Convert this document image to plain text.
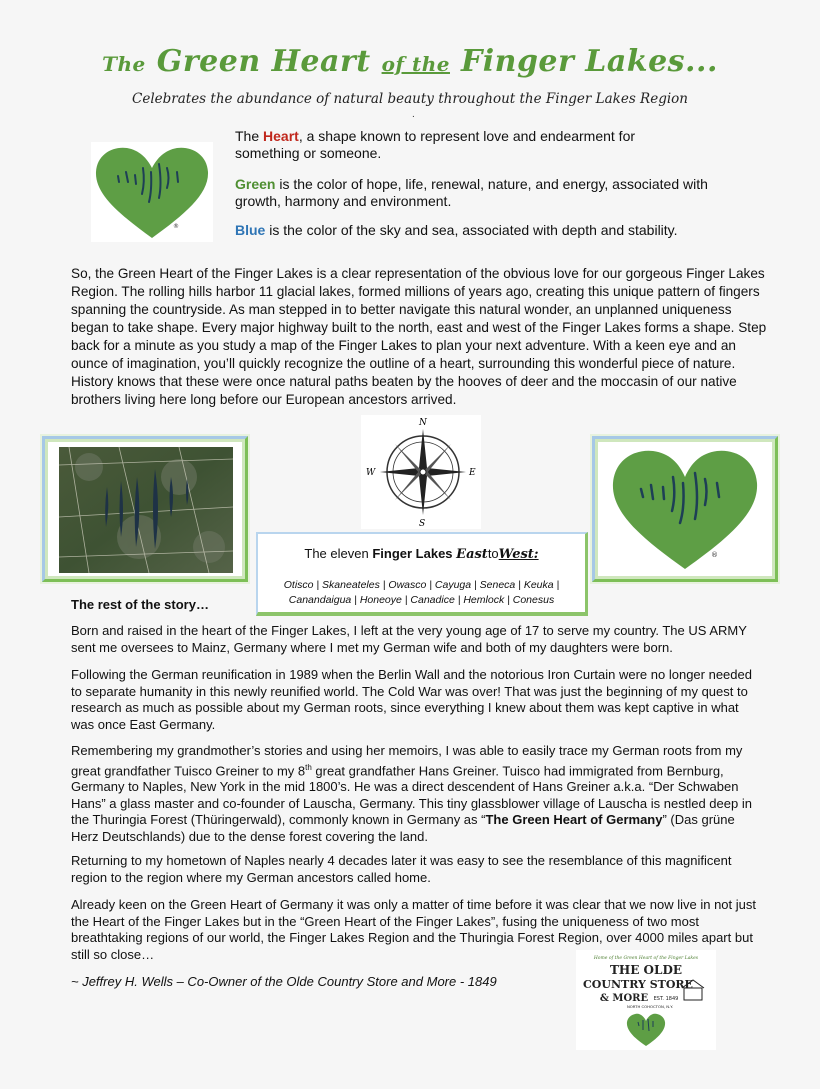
The Green Heart of the Finger Lakes...
Celebrates the abundance of natural beauty throughout the Finger Lakes Region
.
®
The Heart, a shape known to represent love and endearment for something or someone.
Green is the color of hope, life, renewal, nature, and energy, associated with growth, harmony and environment.
Blue is the color of the sky and sea, associated with depth and stability.
So, the Green Heart of the Finger Lakes is a clear representation of the obvious love for our gorgeous Finger Lakes Region. The rolling hills harbor 11 glacial lakes, formed millions of years ago, creating this unique pattern of fingers spanning the countryside. As man stepped in to better navigate this natural wonder, an unplanned uniqueness began to take shape. Every major highway built to the north, east and west of the Finger Lakes forms a shape. Step back for a minute as you study a map of the Finger Lakes to plan your next adventure. With a keen eye and an ounce of imagination, you’ll quickly recognize the outline of a heart, surrounding this wonderful piece of nature. History knows that these were once natural paths beaten by the hooves of deer and the moccasin of our native brothers living here long before our European ancestors arrived.
N
S
W	E
®
The eleven Finger Lakes EasttoWest:
Otisco | Skaneateles | Owasco | Cayuga | Seneca | Keuka |
Canandaigua | Honeoye | Canadice | Hemlock | Conesus
The rest of the story…
Born and raised in the heart of the Finger Lakes, I left at the very young age of 17 to serve my country. The US ARMY sent me oversees to Mainz, Germany where I met my German wife and both of my daughters were born.
Following the German reunification in 1989 when the Berlin Wall and the notorious Iron Curtain were no longer needed to separate humanity in this newly reunified world. The Cold War was over! That was just the beginning of my quest to research as much as possible about my German roots, since everything I knew about them was kept captive in what was once East Germany.
Remembering my grandmother’s stories and using her memoirs, I was able to easily trace my German roots from my great grandfather Tuisco Greiner to my 8th great grandfather Hans Greiner. Tuisco had immigrated from Bernburg, Germany to Naples, New York in the mid 1800’s. He was a direct descendent of Hans Greiner a.k.a. “Der Schwaben Hans” a glass master and co-founder of Lauscha, Germany. This tiny glassblower village of Lauscha is nestled deep in the Thuringia Forest (Thüringerwald), commonly known in Germany as “The Green Heart of Germany” (Das grüne Herz Deutschlands) due to the dense forest covering the land.
Returning to my hometown of Naples nearly 4 decades later it was easy to see the resemblance of this magnificent region to the region where my German ancestors called home.
Already keen on the Green Heart of Germany it was only a matter of time before it was clear that we now live in not just the Heart of the Finger Lakes but in the “Green Heart of the Finger Lakes”, fusing the uniqueness of two most breathtaking regions of our world, the Finger Lakes Region and the Thuringia Forest Region, over 4000 miles apart but still so close…
~ Jeffrey H. Wells – Co-Owner of the Olde Country Store and More - 1849
Home of the Green Heart of the Finger Lakes
THE OLDE
COUNTRY STORE
& MORE EST. 1849
NORTH COHOCTON, N.Y.
